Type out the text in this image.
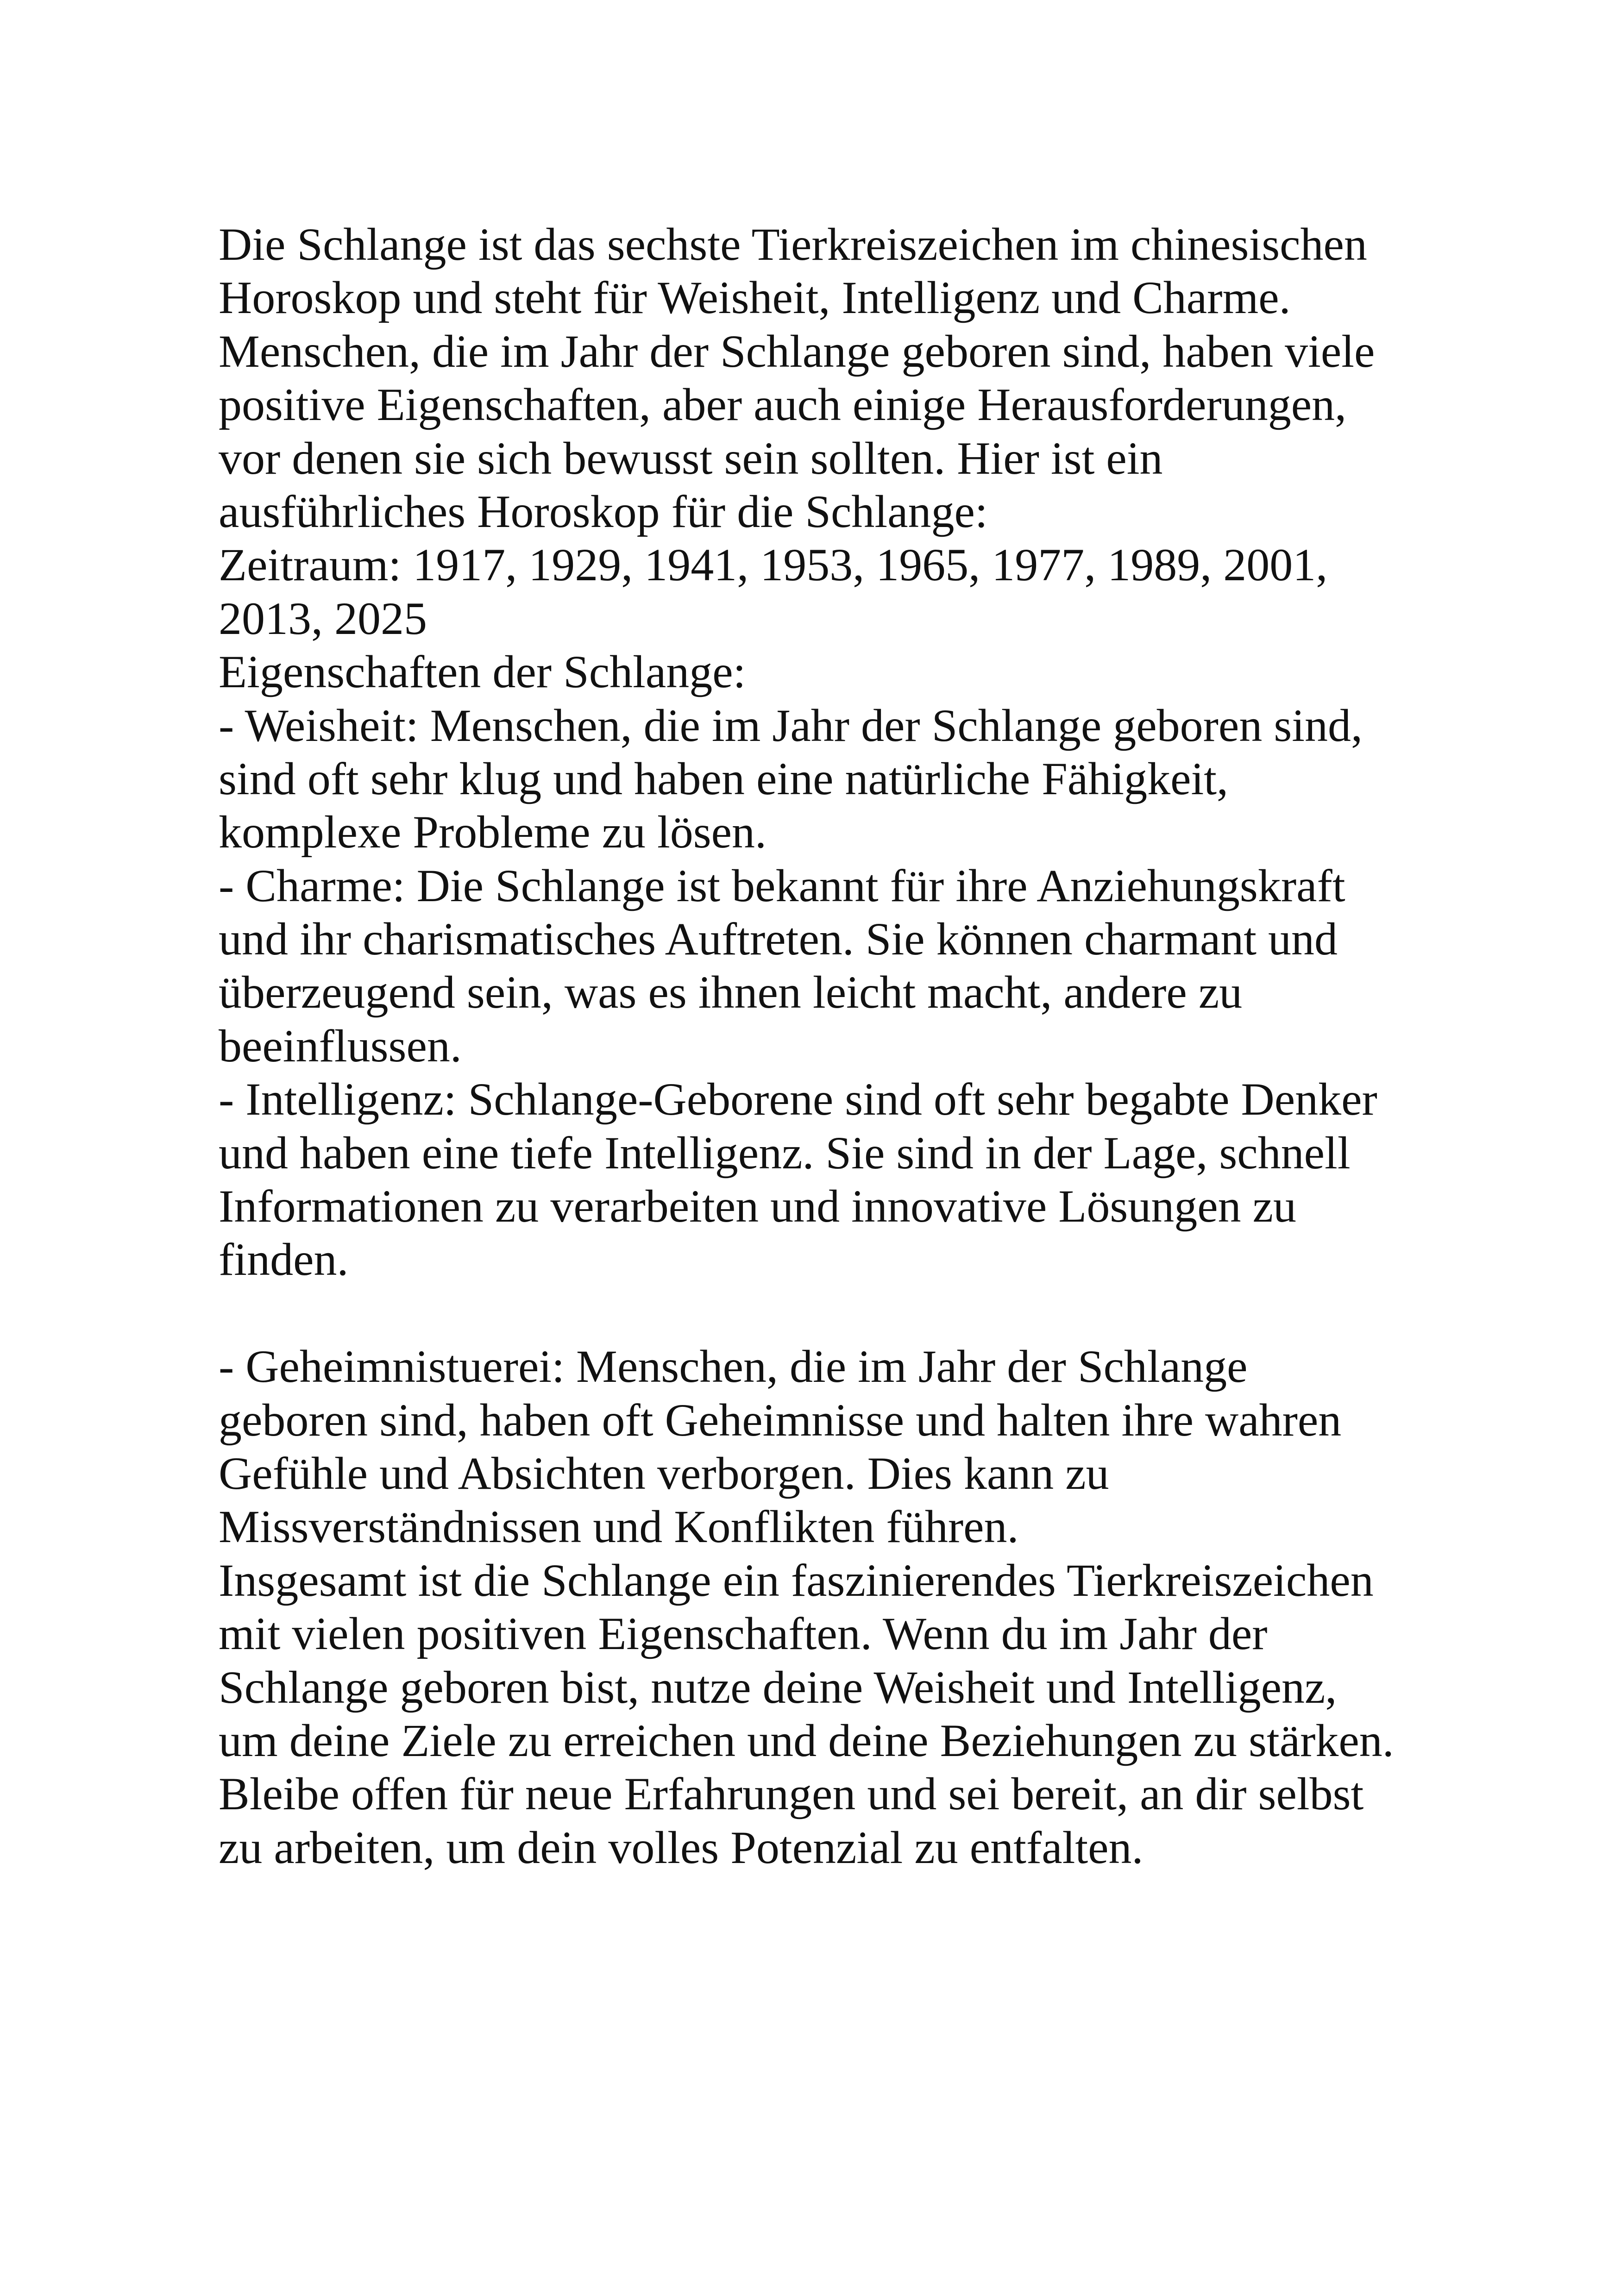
Die Schlange ist das sechste Tierkreiszeichen im chinesischen
Horoskop und steht für Weisheit, Intelligenz und Charme.
Menschen, die im Jahr der Schlange geboren sind, haben viele
positive Eigenschaften, aber auch einige Herausforderungen,
vor denen sie sich bewusst sein sollten. Hier ist ein
ausführliches Horoskop für die Schlange:
Zeitraum: 1917, 1929, 1941, 1953, 1965, 1977, 1989, 2001,
2013, 2025
Eigenschaften der Schlange:
- Weisheit: Menschen, die im Jahr der Schlange geboren sind,
sind oft sehr klug und haben eine natürliche Fähigkeit,
komplexe Probleme zu lösen.
- Charme: Die Schlange ist bekannt für ihre Anziehungskraft
und ihr charismatisches Auftreten. Sie können charmant und
überzeugend sein, was es ihnen leicht macht, andere zu
beeinflussen.
- Intelligenz: Schlange-Geborene sind oft sehr begabte Denker
und haben eine tiefe Intelligenz. Sie sind in der Lage, schnell
Informationen zu verarbeiten und innovative Lösungen zu
finden.
- Geheimnistuerei: Menschen, die im Jahr der Schlange
geboren sind, haben oft Geheimnisse und halten ihre wahren
Gefühle und Absichten verborgen. Dies kann zu
Missverständnissen und Konflikten führen.
Insgesamt ist die Schlange ein faszinierendes Tierkreiszeichen
mit vielen positiven Eigenschaften. Wenn du im Jahr der
Schlange geboren bist, nutze deine Weisheit und Intelligenz,
um deine Ziele zu erreichen und deine Beziehungen zu stärken.
Bleibe offen für neue Erfahrungen und sei bereit, an dir selbst
zu arbeiten, um dein volles Potenzial zu entfalten.
